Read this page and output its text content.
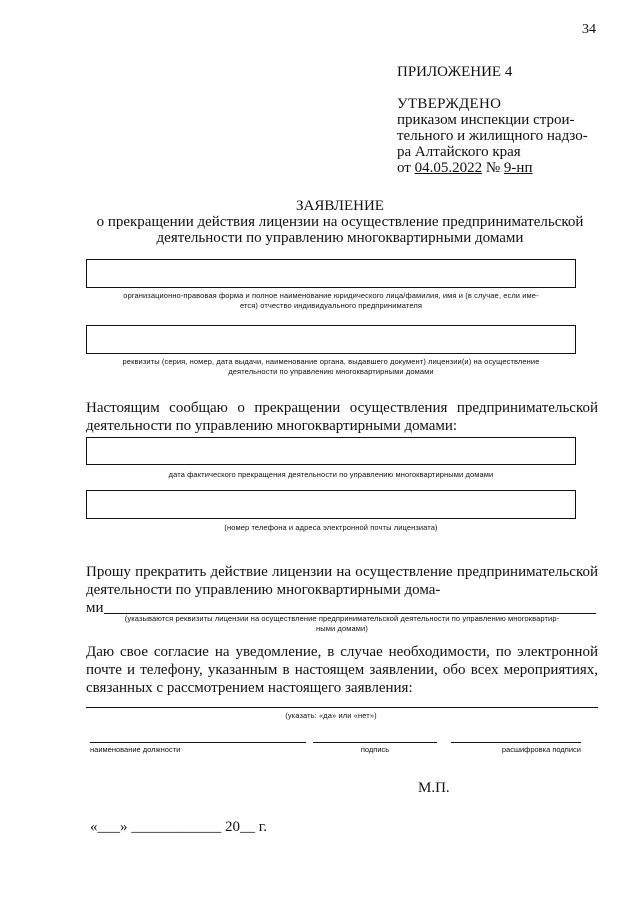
34
ПРИЛОЖЕНИЕ 4
УТВЕРЖДЕНО
приказом инспекции строи-
тельного и жилищного надзо-
ра Алтайского края
от 04.05.2022 № 9-нп
ЗАЯВЛЕНИЕ
о прекращении действия лицензии на осуществление предпринимательской
деятельности по управлению многоквартирными домами
организационно-правовая форма и полное наименование юридического лица/фамилия, имя и (в случае, если име-
ется) отчество индивидуального предпринимателя
реквизиты (серия, номер, дата выдачи, наименование органа, выдавшего документ) лицензии(и) на осуществление
деятельности по управлению многоквартирными домами
Настоящим сообщаю о прекращении осуществления предпринимательской деятельности по управлению многоквартирными домами:
дата фактического прекращения деятельности по управлению многоквартирными домами
(номер телефона и адреса электронной почты лицензиата)
Прошу прекратить действие лицензии на осуществление предпринимательской деятельности по управлению многоквартирными дома-
ми
(указываются реквизиты лицензии на осуществление предпринимательской деятельности по управлению многоквартир-
ными домами)
Даю свое согласие на уведомление, в случае необходимости, по электронной почте и телефону, указанным в настоящем заявлении, обо всех мероприятиях, связанных с рассмотрением настоящего заявления:
(указать: «да» или «нет»)
наименование должности	подпись	расшифровка подписи
М.П.
«___» ____________ 20__ г.
